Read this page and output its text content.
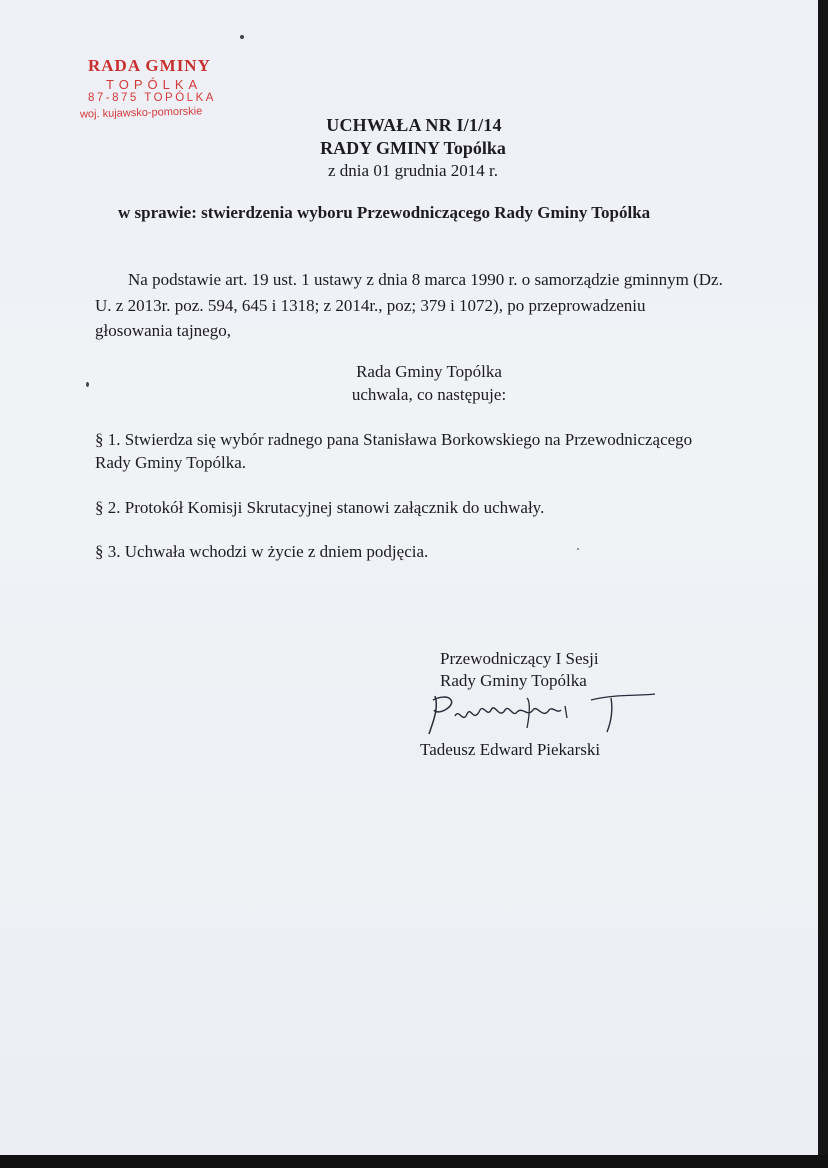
RADA GMINY
TOPÓLKA
87-875 TOPÓLKA
woj. kujawsko-pomorskie
UCHWAŁA NR I/1/14
RADY GMINY Topólka
z dnia 01 grudnia 2014 r.
w sprawie: stwierdzenia wyboru Przewodniczącego Rady Gminy Topólka
Na podstawie art. 19 ust. 1 ustawy z dnia 8 marca 1990 r. o samorządzie gminnym (Dz. U. z 2013r. poz. 594, 645 i 1318; z 2014r., poz; 379 i 1072), po przeprowadzeniu głosowania tajnego,
Rada Gminy Topólka
uchwala, co następuje:
§ 1. Stwierdza się wybór radnego pana Stanisława Borkowskiego na Przewodniczącego Rady Gminy Topólka.
§ 2. Protokół Komisji Skrutacyjnej stanowi załącznik do uchwały.
§ 3. Uchwała wchodzi w życie z dniem podjęcia.
Przewodniczący I Sesji
Rady Gminy Topólka
Tadeusz Edward Piekarski
